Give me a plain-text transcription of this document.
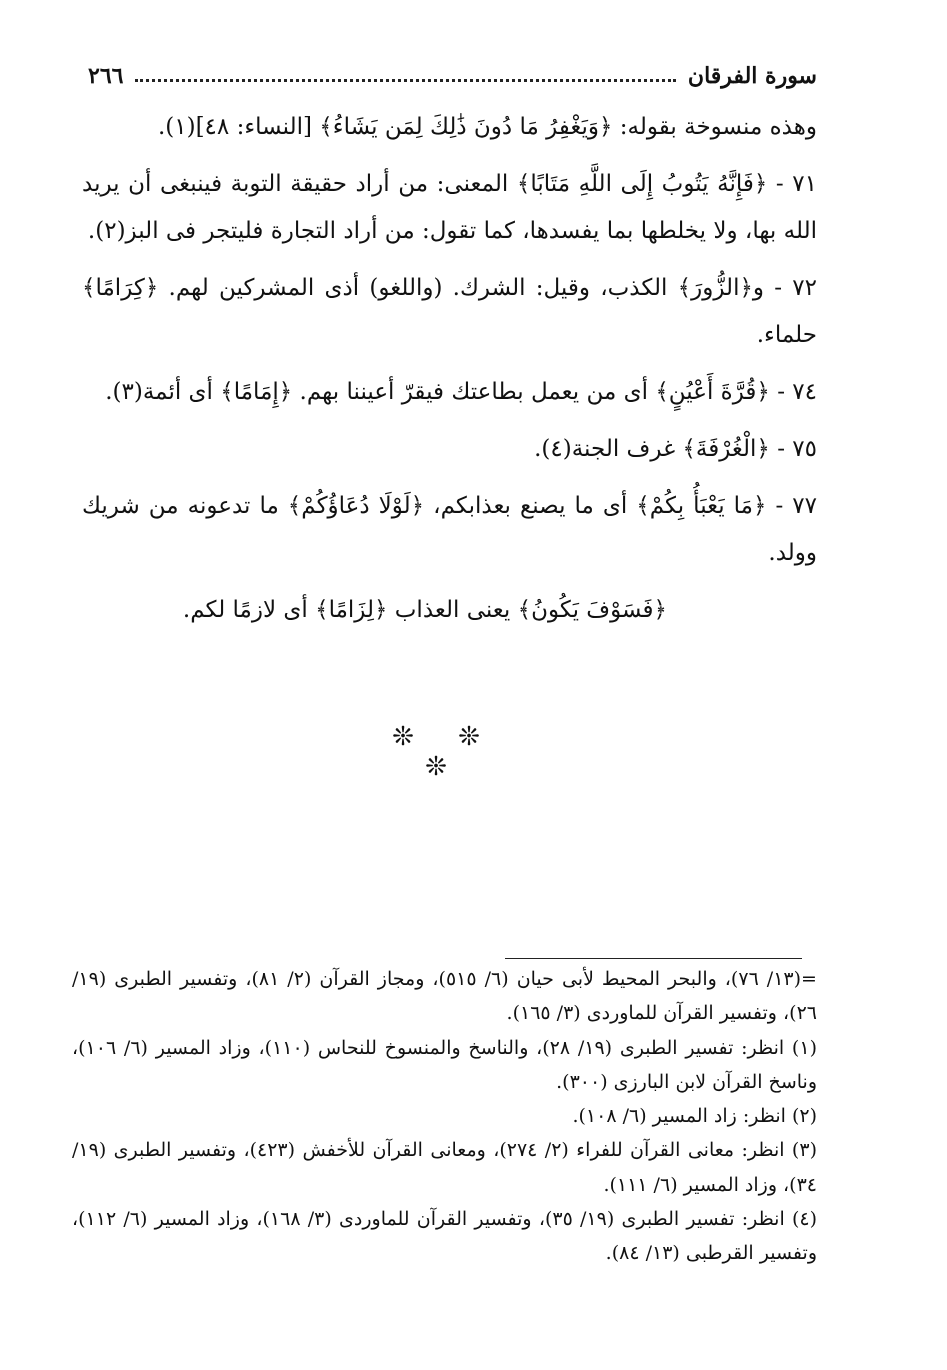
سورة الفرقان
٢٦٦

وهذه منسوخة بقوله: ﴿وَيَغْفِرُ مَا دُونَ ذَٰلِكَ لِمَن يَشَاءُ﴾ [النساء: ٤٨](١).

٧١ - ﴿فَإِنَّهُ يَتُوبُ إِلَى اللَّهِ مَتَابًا﴾ المعنى: من أراد حقيقة التوبة فينبغى أن يريد الله بها، ولا يخلطها بما يفسدها، كما تقول: من أراد التجارة فليتجر فى البز(٢).

٧٢ - و﴿الزُّورَ﴾ الكذب، وقيل: الشرك. (واللغو) أذى المشركين لهم. ﴿كِرَامًا﴾ حلماء.

٧٤ - ﴿قُرَّةَ أَعْيُنٍ﴾ أى من يعمل بطاعتك فيقرّ أعيننا بهم. ﴿إِمَامًا﴾ أى أئمة(٣).

٧٥ - ﴿الْغُرْفَةَ﴾ غرف الجنة(٤).

٧٧ - ﴿مَا يَعْبَأُ بِكُمْ﴾ أى ما يصنع بعذابكم، ﴿لَوْلَا دُعَاؤُكُمْ﴾ ما تدعونه من شريك وولد.

﴿فَسَوْفَ يَكُونُ﴾ يعنى العذاب ﴿لِزَامًا﴾ أى لازمًا لكم.

❊ ❊ ❊

=(١٣/ ٧٦)، والبحر المحيط لأبى حيان (٦/ ٥١٥)، ومجاز القرآن (٢/ ٨١)، وتفسير الطبرى (١٩/ ٢٦)، وتفسير القرآن للماوردى (٣/ ١٦٥).

(١) انظر: تفسير الطبرى (١٩/ ٢٨)، والناسخ والمنسوخ للنحاس (١١٠)، وزاد المسير (٦/ ١٠٦)، وناسخ القرآن لابن البارزى (٣٠٠).

(٢) انظر: زاد المسير (٦/ ١٠٨).

(٣) انظر: معانى القرآن للفراء (٢/ ٢٧٤)، ومعانى القرآن للأخفش (٤٢٣)، وتفسير الطبرى (١٩/ ٣٤)، وزاد المسير (٦/ ١١١).

(٤) انظر: تفسير الطبرى (١٩/ ٣٥)، وتفسير القرآن للماوردى (٣/ ١٦٨)، وزاد المسير (٦/ ١١٢)، وتفسير القرطبى (١٣/ ٨٤).
